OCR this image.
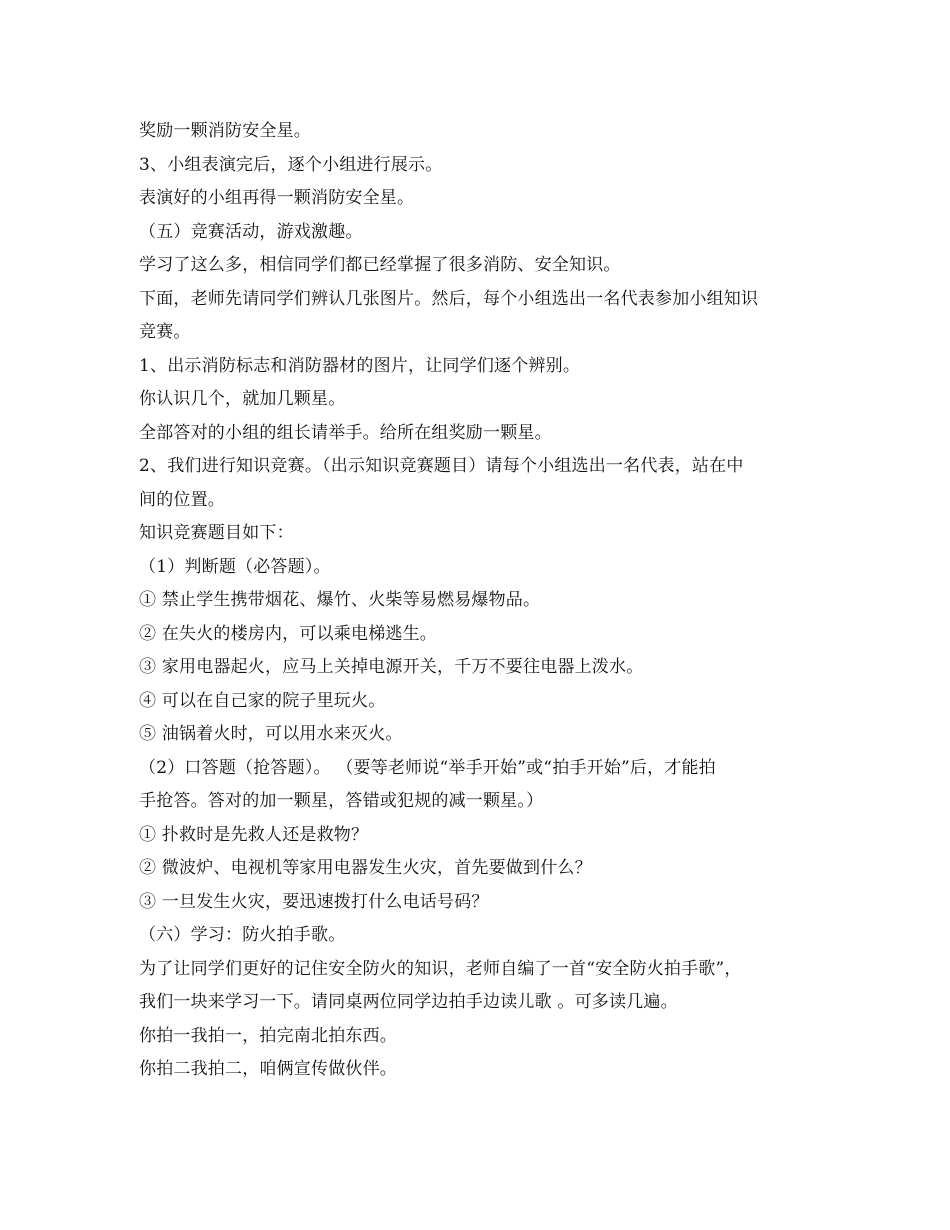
奖励一颗消防安全星。
3、小组表演完后，逐个小组进行展示。
表演好的小组再得一颗消防安全星。
（五）竞赛活动，游戏激趣。
学习了这么多，相信同学们都已经掌握了很多消防、安全知识。
下面，老师先请同学们辨认几张图片。然后，每个小组选出一名代表参加小组知识
竞赛。
1、出示消防标志和消防器材的图片，让同学们逐个辨别。
你认识几个，就加几颗星。
全部答对的小组的组长请举手。给所在组奖励一颗星。
2、我们进行知识竞赛。（出示知识竞赛题目）请每个小组选出一名代表，站在中
间的位置。
知识竞赛题目如下：
（1）判断题（必答题）。
① 禁止学生携带烟花、爆竹、火柴等易燃易爆物品。
② 在失火的楼房内，可以乘电梯逃生。
③ 家用电器起火，应马上关掉电源开关，千万不要往电器上泼水。
④ 可以在自己家的院子里玩火。
⑤ 油锅着火时，可以用水来灭火。
（2）口答题（抢答题）。 （要等老师说“举手开始”或“拍手开始”后，才能拍
手抢答。答对的加一颗星，答错或犯规的减一颗星。）
① 扑救时是先救人还是救物？
② 微波炉、电视机等家用电器发生火灾，首先要做到什么？
③ 一旦发生火灾，要迅速拨打什么电话号码？
（六）学习：防火拍手歌。
为了让同学们更好的记住安全防火的知识，老师自编了一首“安全防火拍手歌”，
我们一块来学习一下。请同桌两位同学边拍手边读儿歌 。可多读几遍。
你拍一我拍一，拍完南北拍东西。
你拍二我拍二，咱俩宣传做伙伴。
